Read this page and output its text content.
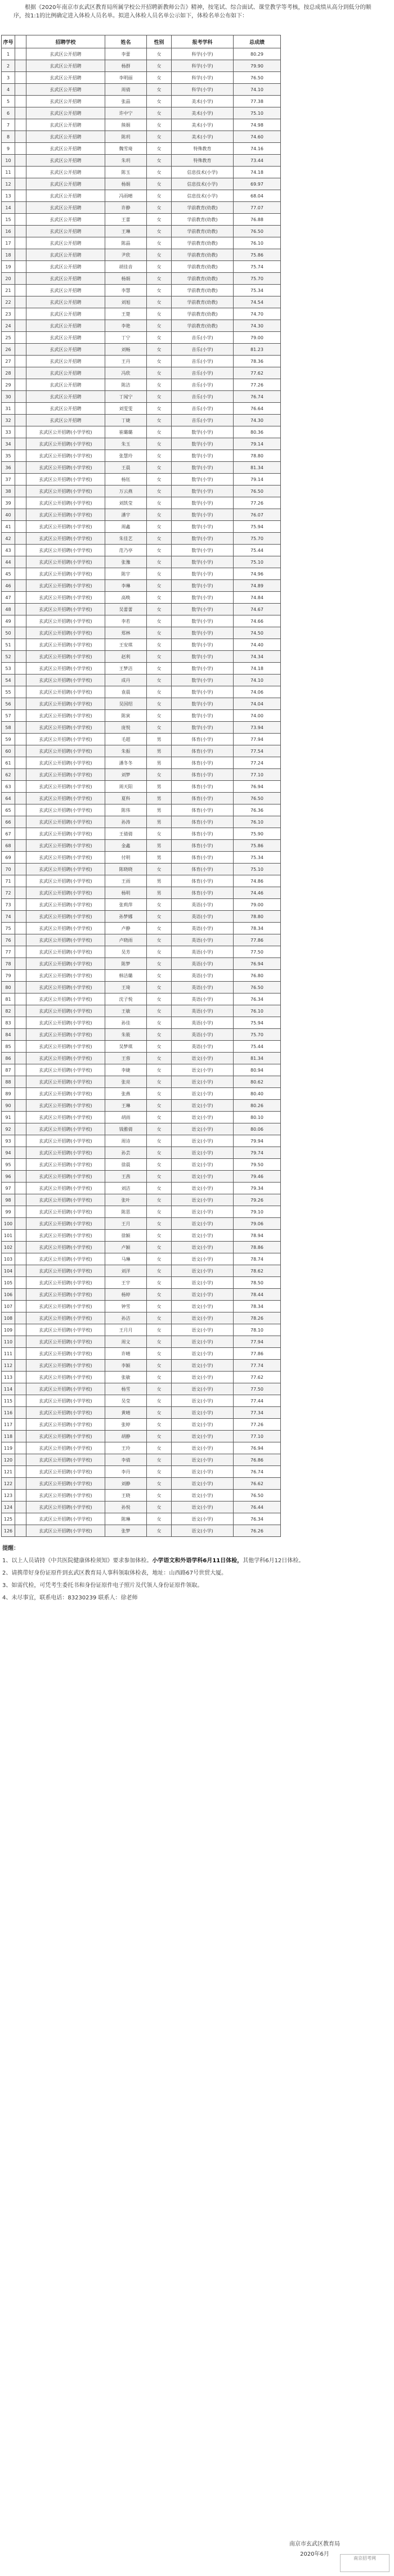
根据《2020年南京市玄武区教育局所属学校公开招聘新教师公告》精神，按笔试、综合面试、课堂教学等考核，按总成绩从高分到低分的顺序，按1:1的比例确定进入体检人员名单。拟进入体检人员名单公示如下，体检名单公布如下：
序号		招聘学校	姓名	性别	报考学科	总成绩	
1		玄武区公开招聘	李蕾	女	科学(小学)	80.29	
2		玄武区公开招聘	杨群	女	科学(小学)	79.90	
3		玄武区公开招聘	李明丽	女	科学(小学)	76.50	
4		玄武区公开招聘	周倩	女	科学(小学)	74.10	
5		玄武区公开招聘	张晶	女	美术(小学)	77.38	
6		玄武区公开招聘	许中宁	女	美术(小学)	75.10	
7		玄武区公开招聘	熊娟	女	美术(小学)	74.98	
8		玄武区公开招聘	陈玥	女	美术(小学)	74.60	
9		玄武区公开招聘	魏雪琦	女	特殊教育	74.16	
10		玄武区公开招聘	朱玥	女	特殊教育	73.44	
11		玄武区公开招聘	陈玉	女	信息技术(小学)	74.18	
12		玄武区公开招聘	杨娟	女	信息技术(小学)	69.97	
13		玄武区公开招聘	冯雨晴	女	信息技术(小学)	68.04	
14		玄武区公开招聘	许静	女	学前教育(幼教)	77.07	
15		玄武区公开招聘	王蕾	女	学前教育(幼教)	76.88	
16		玄武区公开招聘	王琳	女	学前教育(幼教)	76.50	
17		玄武区公开招聘	陈晶	女	学前教育(幼教)	76.10	
18		玄武区公开招聘	尹欣	女	学前教育(幼教)	75.86	
19		玄武区公开招聘	胡佳音	女	学前教育(幼教)	75.74	
20		玄武区公开招聘	杨娟	女	学前教育(幼教)	75.70	
21		玄武区公开招聘	李慧	女	学前教育(幼教)	75.34	
22		玄武区公开招聘	刘旭	女	学前教育(幼教)	74.54	
23		玄武区公开招聘	王楚	女	学前教育(幼教)	74.70	
24		玄武区公开招聘	李艳	女	学前教育(幼教)	74.30	
25		玄武区公开招聘	丁宁	女	音乐(小学)	79.00	
26		玄武区公开招聘	刘畅	女	音乐(小学)	81.23	
27		玄武区公开招聘	王丹	女	音乐(小学)	78.36	
28		玄武区公开招聘	冯欣	女	音乐(小学)	77.62	
29		玄武区公开招聘	陈洁	女	音乐(小学)	77.26	
30		玄武区公开招聘	丁闻宁	女	音乐(小学)	76.74	
31		玄武区公开招聘	刘雯雯	女	音乐(小学)	76.64	
32		玄武区公开招聘	丁婕	女	音乐(小学)	74.30	
33		玄武区公开招聘(小学学校)	崔璐璐	女	数学(小学)	80.36	
34		玄武区公开招聘(小学学校)	朱玉	女	数学(小学)	79.14	
35		玄武区公开招聘(小学学校)	张慧玲	女	数学(小学)	78.80	
36		玄武区公开招聘(小学学校)	王晨	女	数学(小学)	81.34	
37		玄武区公开招聘(小学学校)	杨钰	女	数学(小学)	79.14	
38		玄武区公开招聘(小学学校)	万云燕	女	数学(小学)	76.50	
39		玄武区公开招聘(小学学校)	刘凯莹	女	数学(小学)	77.26	
40		玄武区公开招聘(小学学校)	潘宇	女	数学(小学)	76.07	
41		玄武区公开招聘(小学学校)	周鑫	女	数学(小学)	75.94	
42		玄武区公开招聘(小学学校)	朱佳艺	女	数学(小学)	75.70	
43		玄武区公开招聘(小学学校)	范乃亭	女	数学(小学)	75.44	
44		玄武区公开招聘(小学学校)	张豫	女	数学(小学)	75.10	
45		玄武区公开招聘(小学学校)	陈宇	女	数学(小学)	74.96	
46		玄武区公开招聘(小学学校)	李琳	女	数学(小学)	74.89	
47		玄武区公开招聘(小学学校)	高唤	女	数学(小学)	74.84	
48		玄武区公开招聘(小学学校)	吴蕾蕾	女	数学(小学)	74.67	
49		玄武区公开招聘(小学学校)	李若	女	数学(小学)	74.66	
50		玄武区公开招聘(小学学校)	郑林	女	数学(小学)	74.50	
51		玄武区公开招聘(小学学校)	王安琪	女	数学(小学)	74.40	
52		玄武区公开招聘(小学学校)	赵利	女	数学(小学)	74.34	
53		玄武区公开招聘(小学学校)	王梦洁	女	数学(小学)	74.18	
54		玄武区公开招聘(小学学校)	成丹	女	数学(小学)	74.10	
55		玄武区公开招聘(小学学校)	袁晨	女	数学(小学)	74.06	
56		玄武区公开招聘(小学学校)	吴国绍	女	数学(小学)	74.04	
57		玄武区公开招聘(小学学校)	陈寅	女	数学(小学)	74.00	
58		玄武区公开招聘(小学学校)	庞悦	女	数学(小学)	73.94	
59		玄武区公开招聘(小学学校)	毛超	男	体育(小学)	77.94	
60		玄武区公开招聘(小学学校)	朱振	男	体育(小学)	77.54	
61		玄武区公开招聘(小学学校)	潘冬冬	男	体育(小学)	77.24	
62		玄武区公开招聘(小学学校)	刘梦	女	体育(小学)	77.10	
63		玄武区公开招聘(小学学校)	周天阳	男	体育(小学)	76.94	
64		玄武区公开招聘(小学学校)	夏科	男	体育(小学)	76.50	
65		玄武区公开招聘(小学学校)	陈伟	男	体育(小学)	76.36	
66		玄武区公开招聘(小学学校)	孙涛	男	体育(小学)	76.10	
67		玄武区公开招聘(小学学校)	王倩倩	女	体育(小学)	75.90	
68		玄武区公开招聘(小学学校)	金鑫	男	体育(小学)	75.86	
69		玄武区公开招聘(小学学校)	付明	男	体育(小学)	75.34	
70		玄武区公开招聘(小学学校)	陈晓晓	女	体育(小学)	75.10	
71		玄武区公开招聘(小学学校)	王雨	男	体育(小学)	74.86	
72		玄武区公开招聘(小学学校)	杨明	男	体育(小学)	74.46	
73		玄武区公开招聘(小学学校)	张莉萍	女	英语(小学)	79.00	
74		玄武区公开招聘(小学学校)	孙梦娜	女	英语(小学)	78.80	
75		玄武区公开招聘(小学学校)	卢静	女	英语(小学)	78.34	
76		玄武区公开招聘(小学学校)	卢晓雨	女	英语(小学)	77.86	
77		玄武区公开招聘(小学学校)	吴芳	女	英语(小学)	77.50	
78		玄武区公开招聘(小学学校)	陈梦	女	英语(小学)	76.94	
79		玄武区公开招聘(小学学校)	韩洁璐	女	英语(小学)	76.80	
80		玄武区公开招聘(小学学校)	王琦	女	英语(小学)	76.50	
81		玄武区公开招聘(小学学校)	沈子悦	女	英语(小学)	76.34	
82		玄武区公开招聘(小学学校)	王敏	女	英语(小学)	76.10	
83		玄武区公开招聘(小学学校)	孙佳	女	英语(小学)	75.94	
84		玄武区公开招聘(小学学校)	朱筱	女	英语(小学)	75.70	
85		玄武区公开招聘(小学学校)	吴梦琪	女	英语(小学)	75.44	
86		玄武区公开招聘(小学学校)	王蓉	女	语文(小学)	81.34	
87		玄武区公开招聘(小学学校)	李婕	女	语文(小学)	80.94	
88		玄武区公开招聘(小学学校)	张亮	女	语文(小学)	80.62	
89		玄武区公开招聘(小学学校)	张燕	女	语文(小学)	80.40	
90		玄武区公开招聘(小学学校)	王琳	女	语文(小学)	80.26	
91		玄武区公开招聘(小学学校)	胡雨	女	语文(小学)	80.10	
92		玄武区公开招聘(小学学校)	钱雅倩	女	语文(小学)	80.06	
93		玄武区公开招聘(小学学校)	周诗	女	语文(小学)	79.94	
94		玄武区公开招聘(小学学校)	孙芸	女	语文(小学)	79.74	
95		玄武区公开招聘(小学学校)	徐晨	女	语文(小学)	79.50	
96		玄武区公开招聘(小学学校)	王茜	女	语文(小学)	79.46	
97		玄武区公开招聘(小学学校)	刘洁	女	语文(小学)	79.34	
98		玄武区公开招聘(小学学校)	张叶	女	语文(小学)	79.26	
99		玄武区公开招聘(小学学校)	陈思	女	语文(小学)	79.10	
100		玄武区公开招聘(小学学校)	王月	女	语文(小学)	79.06	
101		玄武区公开招聘(小学学校)	徐颖	女	语文(小学)	78.94	
102		玄武区公开招聘(小学学校)	卢颖	女	语文(小学)	78.86	
103		玄武区公开招聘(小学学校)	马琳	女	语文(小学)	78.74	
104		玄武区公开招聘(小学学校)	刘洋	女	语文(小学)	78.62	
105		玄武区公开招聘(小学学校)	王宇	女	语文(小学)	78.50	
106		玄武区公开招聘(小学学校)	杨婷	女	语文(小学)	78.44	
107		玄武区公开招聘(小学学校)	钟雪	女	语文(小学)	78.34	
108		玄武区公开招聘(小学学校)	孙洁	女	语文(小学)	78.26	
109		玄武区公开招聘(小学学校)	王月月	女	语文(小学)	78.10	
110		玄武区公开招聘(小学学校)	周文	女	语文(小学)	77.94	
111		玄武区公开招聘(小学学校)	许晴	女	语文(小学)	77.86	
112		玄武区公开招聘(小学学校)	李颖	女	语文(小学)	77.74	
113		玄武区公开招聘(小学学校)	张敏	女	语文(小学)	77.62	
114		玄武区公开招聘(小学学校)	杨雪	女	语文(小学)	77.50	
115		玄武区公开招聘(小学学校)	吴莹	女	语文(小学)	77.44	
116		玄武区公开招聘(小学学校)	黄晴	女	语文(小学)	77.34	
117		玄武区公开招聘(小学学校)	张婷	女	语文(小学)	77.26	
118		玄武区公开招聘(小学学校)	胡静	女	语文(小学)	77.10	
119		玄武区公开招聘(小学学校)	王玲	女	语文(小学)	76.94	
120		玄武区公开招聘(小学学校)	李倩	女	语文(小学)	76.86	
121		玄武区公开招聘(小学学校)	李丹	女	语文(小学)	76.74	
122		玄武区公开招聘(小学学校)	刘静	女	语文(小学)	76.62	
123		玄武区公开招聘(小学学校)	王晓	女	语文(小学)	76.50	
124		玄武区公开招聘(小学学校)	孙悦	女	语文(小学)	76.44	
125		玄武区公开招聘(小学学校)	陈琳	女	语文(小学)	76.34	
126		玄武区公开招聘(小学学校)	张梦	女	语文(小学)	76.26	
提醒：
1、以上人员请持《中共医院健康体检须知》要求参加体检。小学语文和外语学科6月11日体检，其他学科6月12日体检。
2、请携带好身份证原件到玄武区教育局人事科领取体检表，地址：山西路67号世贸大厦。
3、如需代检，可凭考生委托书和身份证原件电子照片及代领人身份证原件领取。
4、未尽事宜，联系电话：83230239 联系人：徐老师
南京市玄武区教育局
2020年6月
南京招考网
